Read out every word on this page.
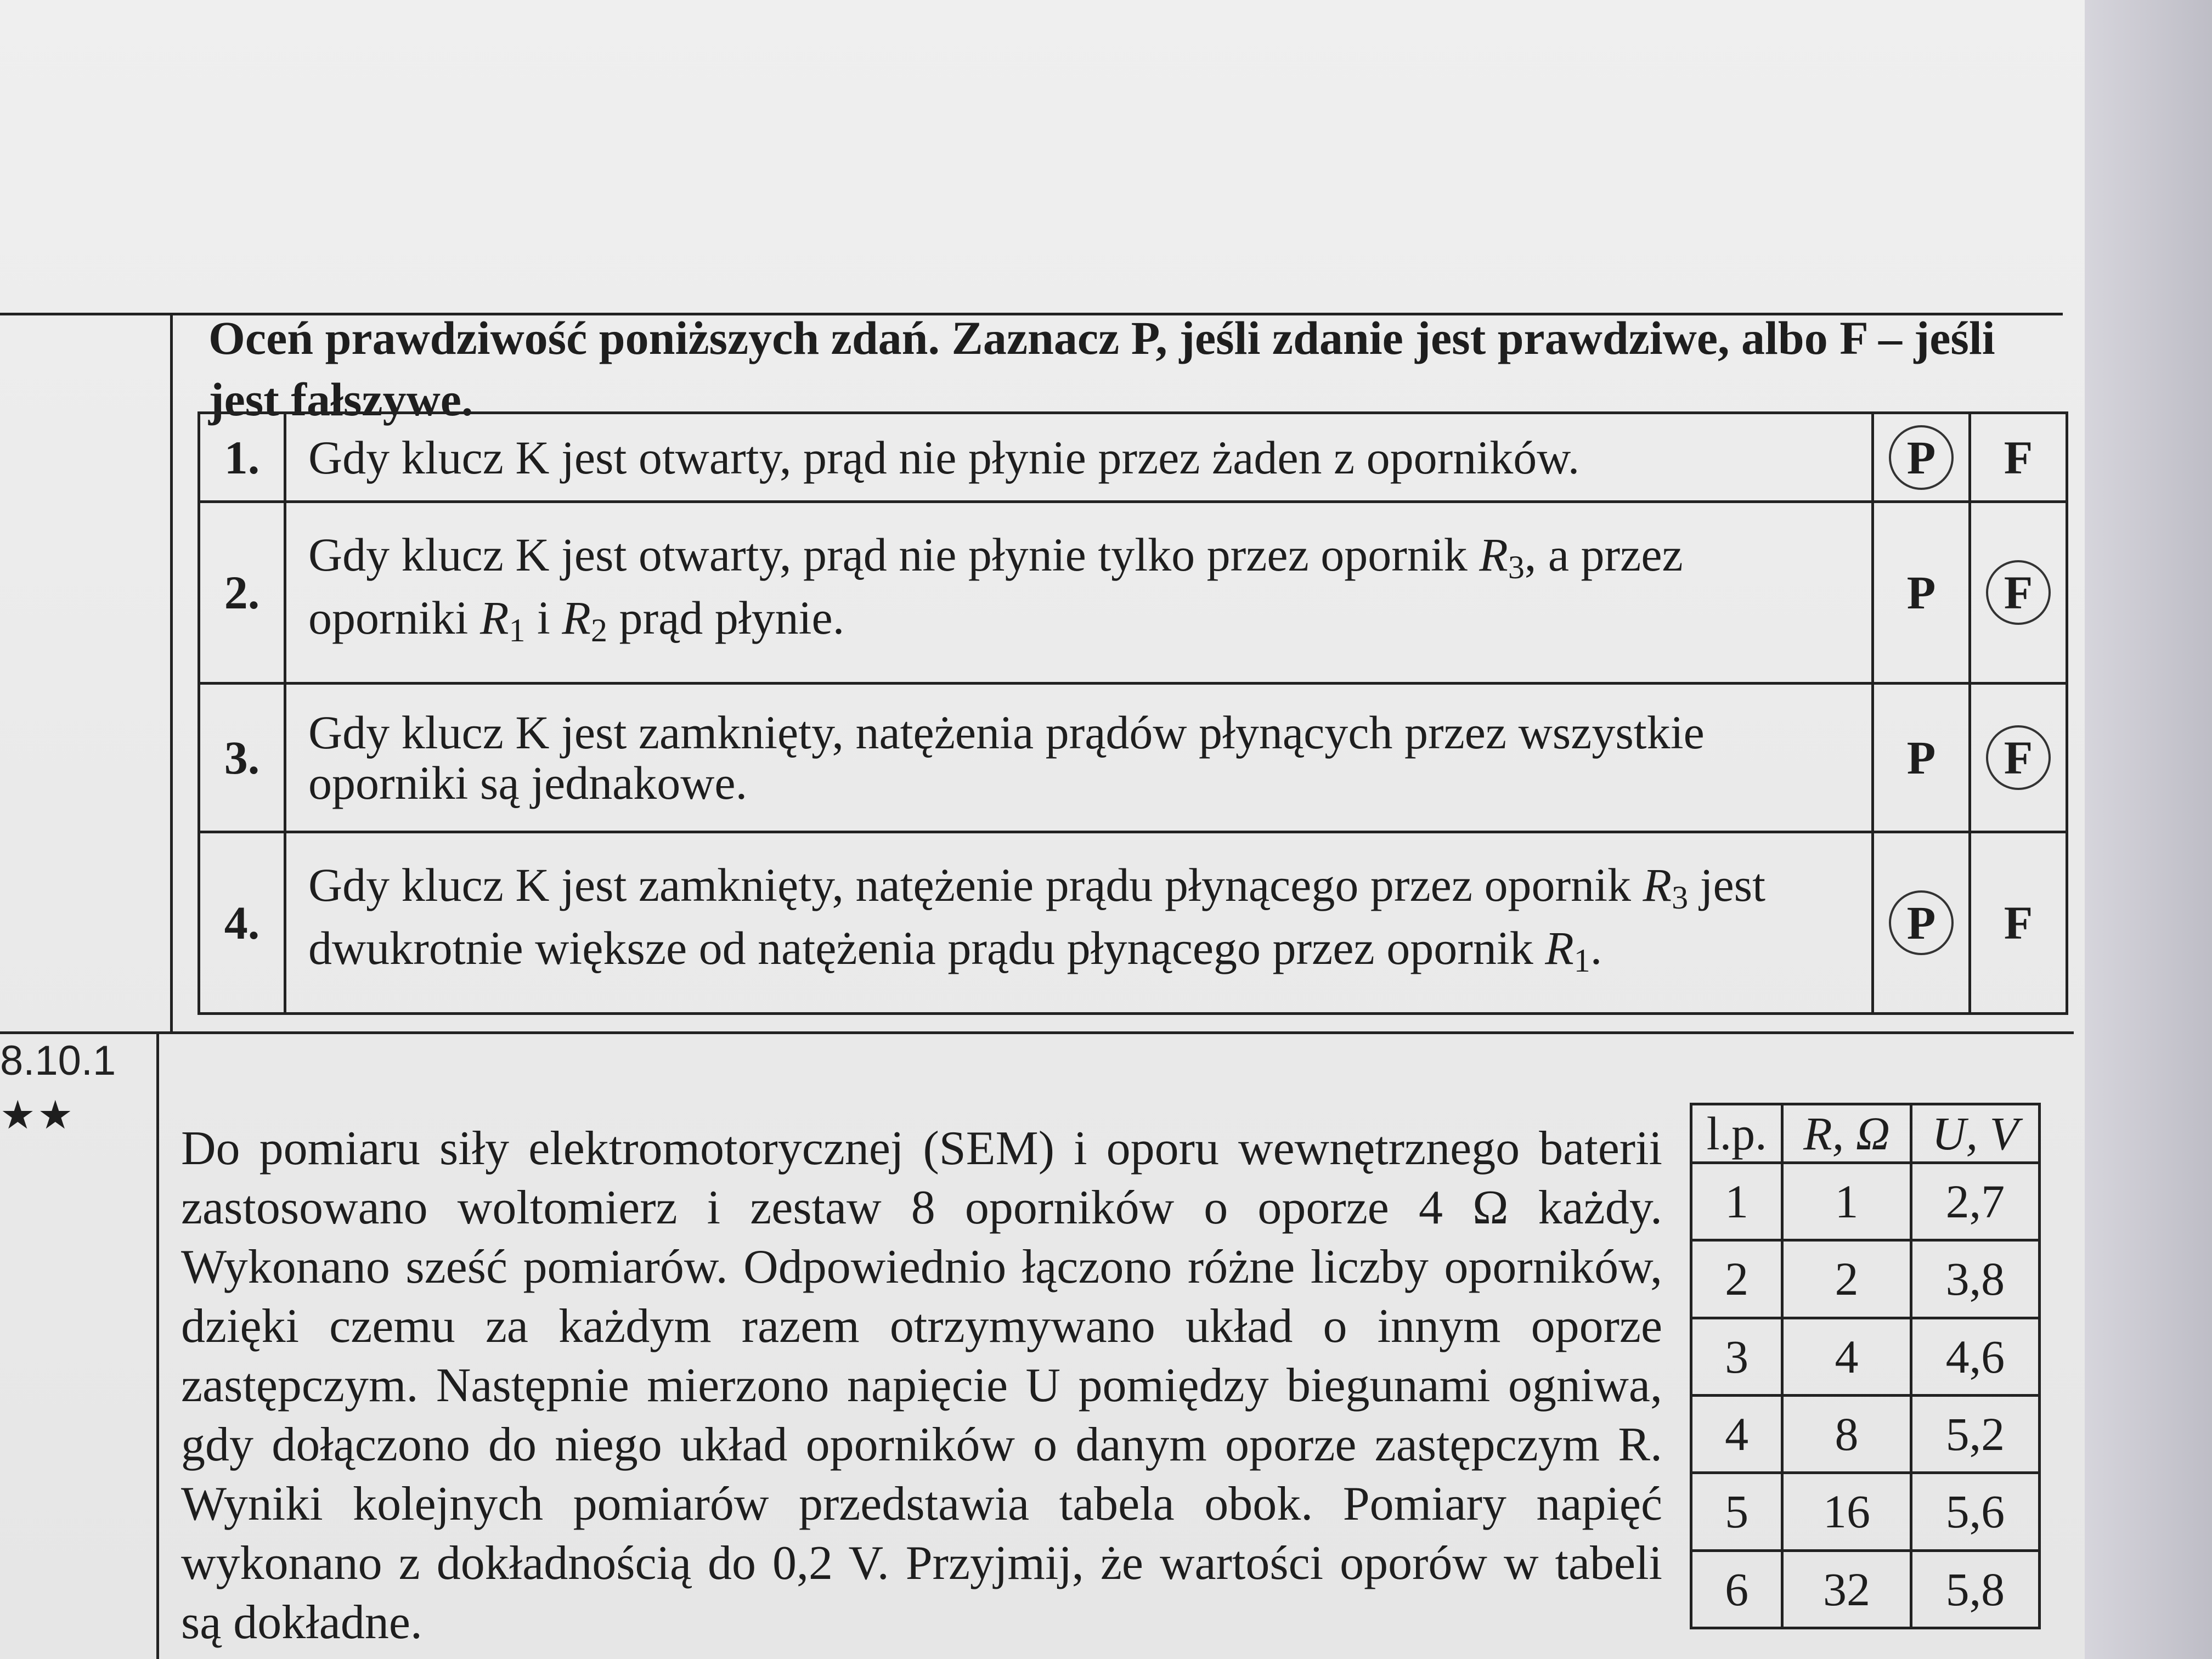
Oceń prawdziwość poniższych zdań. Zaznacz P, jeśli zdanie jest prawdziwe, albo F – jeśli jest fałszywe.
1.	Gdy klucz K jest otwarty, prąd nie płynie przez żaden z oporników.	P	F
2.	Gdy klucz K jest otwarty, prąd nie płynie tylko przez opornik $R_3$, a przez oporniki $R_1$ i $R_2$ prąd płynie.	P	F
3.	Gdy klucz K jest zamknięty, natężenia prądów płynących przez wszystkie oporniki są jednakowe.	P	F
4.	Gdy klucz K jest zamknięty, natężenie prądu płynącego przez opornik $R_3$ jest dwukrotnie większe od natężenia prądu płynącego przez opornik $R_1$.	P	F
8.10.1
★★
Do pomiaru siły elektromotorycznej (SEM) i oporu wewnętrznego baterii zastosowano woltomierz i zestaw 8 oporników o oporze 4 Ω każdy. Wykonano sześć pomiarów. Odpowiednio łączono różne liczby oporników, dzięki czemu za każdym razem otrzymywano układ o innym oporze zastępczym. Następnie mierzono napięcie U pomiędzy biegunami ogniwa, gdy dołączono do niego układ oporników o danym oporze zastępczym R. Wyniki kolejnych pomiarów przedstawia tabela obok. Pomiary napięć wykonano z dokładnością do 0,2 V. Przyjmij, że wartości oporów w tabeli są dokładne.
l.p.	R, Ω	U, V
1	1	2,7
2	2	3,8
3	4	4,6
4	8	5,2
5	16	5,6
6	32	5,8
